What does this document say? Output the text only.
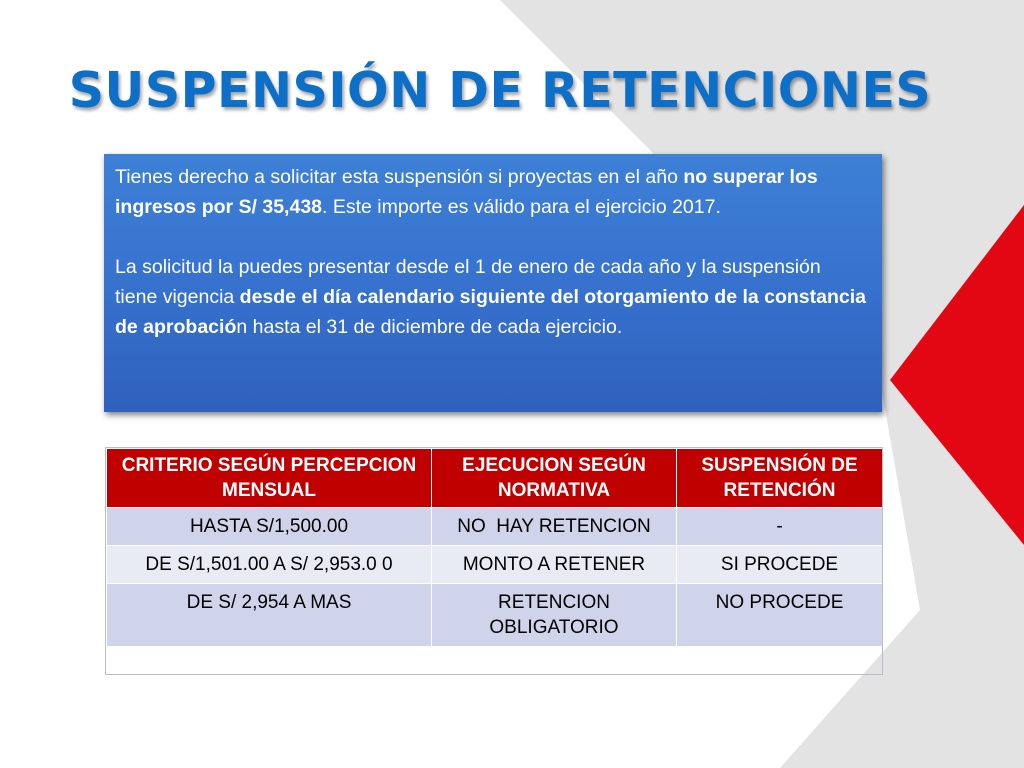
SUSPENSIÓN DE RETENCIONES

Tienes derecho a solicitar esta suspensión si proyectas en el año no superar los ingresos por S/ 35,438. Este importe es válido para el ejercicio 2017.

La solicitud la puedes presentar desde el 1 de enero de cada año y la suspensión tiene vigencia desde el día calendario siguiente del otorgamiento de la constancia de aprobación hasta el 31 de diciembre de cada ejercicio.

CRITERIO SEGÚN PERCEPCION MENSUAL	EJECUCION SEGÚN NORMATIVA	SUSPENSIÓN DE RETENCIÓN
HASTA S/1,500.00	NO  HAY RETENCION	-
DE S/1,501.00 A S/ 2,953.0 0	MONTO A RETENER	SI PROCEDE
DE S/ 2,954 A MAS	RETENCION OBLIGATORIO	NO PROCEDE
